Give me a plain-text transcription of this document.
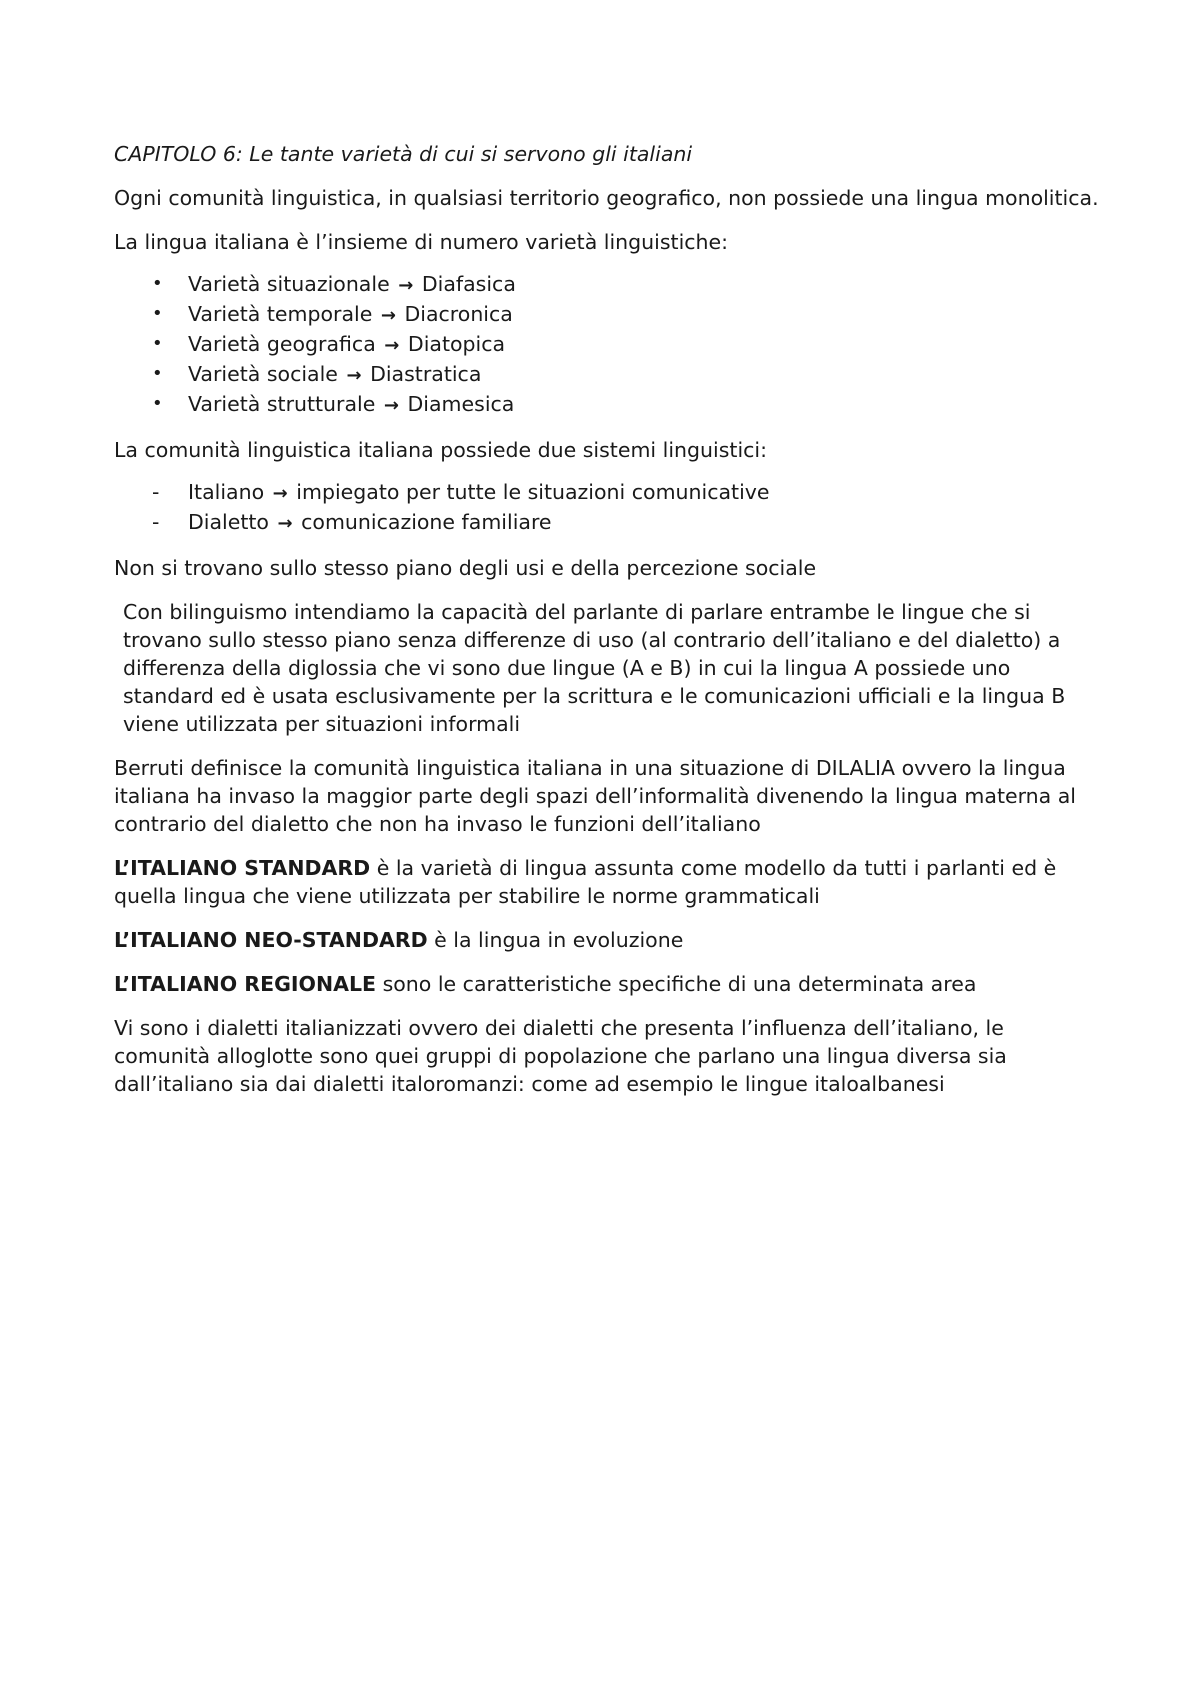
CAPITOLO 6: Le tante varietà di cui si servono gli italiani

Ogni comunità linguistica, in qualsiasi territorio geografico, non possiede una lingua monolitica.

La lingua italiana è l’insieme di numero varietà linguistiche:

• Varietà situazionale → Diafasica
• Varietà temporale → Diacronica
• Varietà geografica → Diatopica
• Varietà sociale → Diastratica
• Varietà strutturale → Diamesica

La comunità linguistica italiana possiede due sistemi linguistici:

- Italiano → impiegato per tutte le situazioni comunicative
- Dialetto → comunicazione familiare

Non si trovano sullo stesso piano degli usi e della percezione sociale

Con bilinguismo intendiamo la capacità del parlante di parlare entrambe le lingue che si trovano sullo stesso piano senza differenze di uso (al contrario dell’italiano e del dialetto) a differenza della diglossia che vi sono due lingue (A e B) in cui la lingua A possiede uno standard ed è usata esclusivamente per la scrittura e le comunicazioni ufficiali e la lingua B viene utilizzata per situazioni informali

Berruti definisce la comunità linguistica italiana in una situazione di DILALIA ovvero la lingua italiana ha invaso la maggior parte degli spazi dell’informalità divenendo la lingua materna al contrario del dialetto che non ha invaso le funzioni dell’italiano

L’ITALIANO STANDARD è la varietà di lingua assunta come modello da tutti i parlanti ed è quella lingua che viene utilizzata per stabilire le norme grammaticali

L’ITALIANO NEO-STANDARD è la lingua in evoluzione

L’ITALIANO REGIONALE sono le caratteristiche specifiche di una determinata area

Vi sono i dialetti italianizzati ovvero dei dialetti che presenta l’influenza dell’italiano, le comunità alloglotte sono quei gruppi di popolazione che parlano una lingua diversa sia dall’italiano sia dai dialetti italoromanzi: come ad esempio le lingue italoalbanesi
